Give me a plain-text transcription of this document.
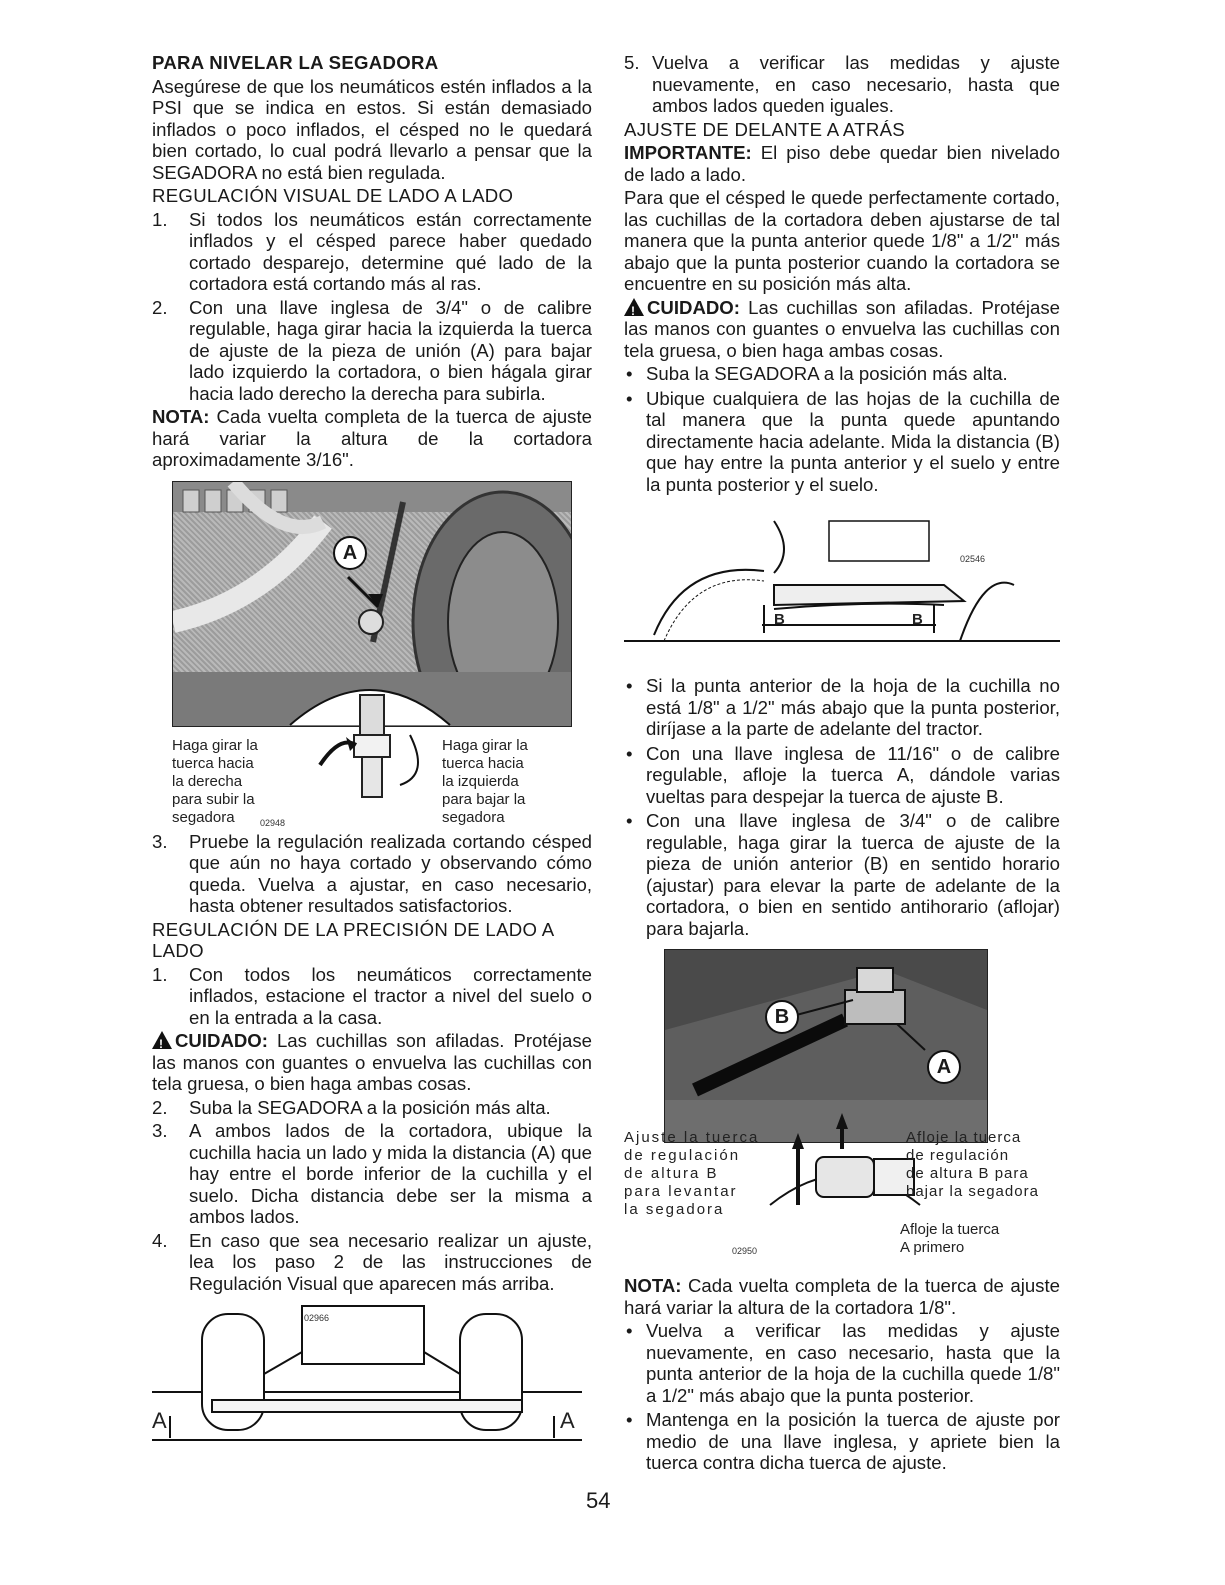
PARA NIVELAR LA SEGADORA

Asegúrese de que los neumáticos estén inflados a la PSI que se indica en estos. Si están demasiado inflados o poco inflados, el césped no le quedará bien cortado, lo cual podrá llevarlo a pensar que la SEGADORA no está bien regulada.

REGULACIÓN VISUAL DE LADO A LADO
1. Si todos los neumáticos están correctamente inflados y el césped parece haber quedado cortado desparejo, determine qué lado de la cortadora está cortando más al ras.
2. Con una llave inglesa de 3/4" o de calibre regulable, haga girar hacia la izquierda la tuerca de ajuste de la pieza de unión (A) para bajar lado izquierdo la cortadora, o bien hágala girar hacia lado derecho la derecha para subirla.

NOTA: Cada vuelta completa de la tuerca de ajuste hará variar la altura de la cortadora aproximadamente 3/16".

A
Haga girar la
tuerca hacia
la derecha
para subir la
segadora
Haga girar la
tuerca hacia
la izquierda
para bajar la
segadora
02948
3. Pruebe la regulación realizada cortando césped que aún no haya cortado y observando cómo queda. Vuelva a ajustar, en caso necesario, hasta obtener resultados satisfactorios.
REGULACIÓN DE LA PRECISIÓN DE LADO A LADO
1. Con todos los neumáticos correctamente inflados, estacione el tractor a nivel del suelo o en la entrada a la casa.

!CUIDADO: Las cuchillas son afiladas. Protéjase las manos con guantes o envuelva las cuchillas con tela gruesa, o bien haga ambas cosas.

2. Suba la SEGADORA a la posición más alta.
3. A ambos lados de la cortadora, ubique la cuchilla hacia un lado y mida la distancia (A) que hay entre el borde inferior de la cuchilla y el suelo. Dicha distancia debe ser la misma a ambos lados.
4. En caso que sea necesario realizar un ajuste, lea los paso 2 de las instrucciones de Regulación Visual que aparecen más arriba.
02966
A	A
5. Vuelva a verificar las medidas y ajuste nuevamente, en caso necesario, hasta que ambos lados queden iguales.
AJUSTE DE DELANTE A ATRÁS

IMPORTANTE: El piso debe quedar bien nivelado de lado a lado.

Para que el césped le quede perfectamente cortado, las cuchillas de la cortadora deben ajustarse de tal manera que la punta anterior quede 1/8" a 1/2" más abajo que la punta posterior cuando la cortadora se encuentre en su posición más alta.

!CUIDADO: Las cuchillas son afiladas. Protéjase las manos con guantes o envuelva las cuchillas con tela gruesa, o bien haga ambas cosas.

• Suba la SEGADORA a la posición más alta.
• Ubique cualquiera de las hojas de la cuchilla de tal manera que la punta quede apuntando directamente hacia adelante. Mida la distancia (B) que hay entre la punta anterior y el suelo y entre la punta posterior y el suelo.
02546
B	B
• Si la punta anterior de la hoja de la cuchilla no está 1/8" a 1/2" más abajo que la punta posterior, diríjase a la parte de adelante del tractor.
• Con una llave inglesa de 11/16" o de calibre regulable, afloje la tuerca A, dándole varias vueltas para despejar la tuerca de ajuste B.
• Con una llave inglesa de 3/4" o de calibre regulable, haga girar la tuerca de ajuste de la pieza de unión anterior (B) en sentido horario (ajustar) para elevar la parte de adelante de la cortadora, o bien en sentido antihorario (aflojar) para bajarla.
B
A
Ajuste la tuerca
de regulación
de altura B
para levantar
la segadora
Afloje la tuerca
de regulación
de altura B para
bajar la segadora
Afloje la tuerca
A primero
02950

NOTA: Cada vuelta completa de la tuerca de ajuste hará variar la altura de la cortadora 1/8".

• Vuelva a verificar las medidas y ajuste nuevamente, en caso necesario, hasta que la punta anterior de la hoja de la cuchilla quede 1/8" a 1/2" más abajo que la punta posterior.
• Mantenga en la posición la tuerca de ajuste por medio de una llave inglesa, y apriete bien la tuerca contra dicha tuerca de ajuste.
54
